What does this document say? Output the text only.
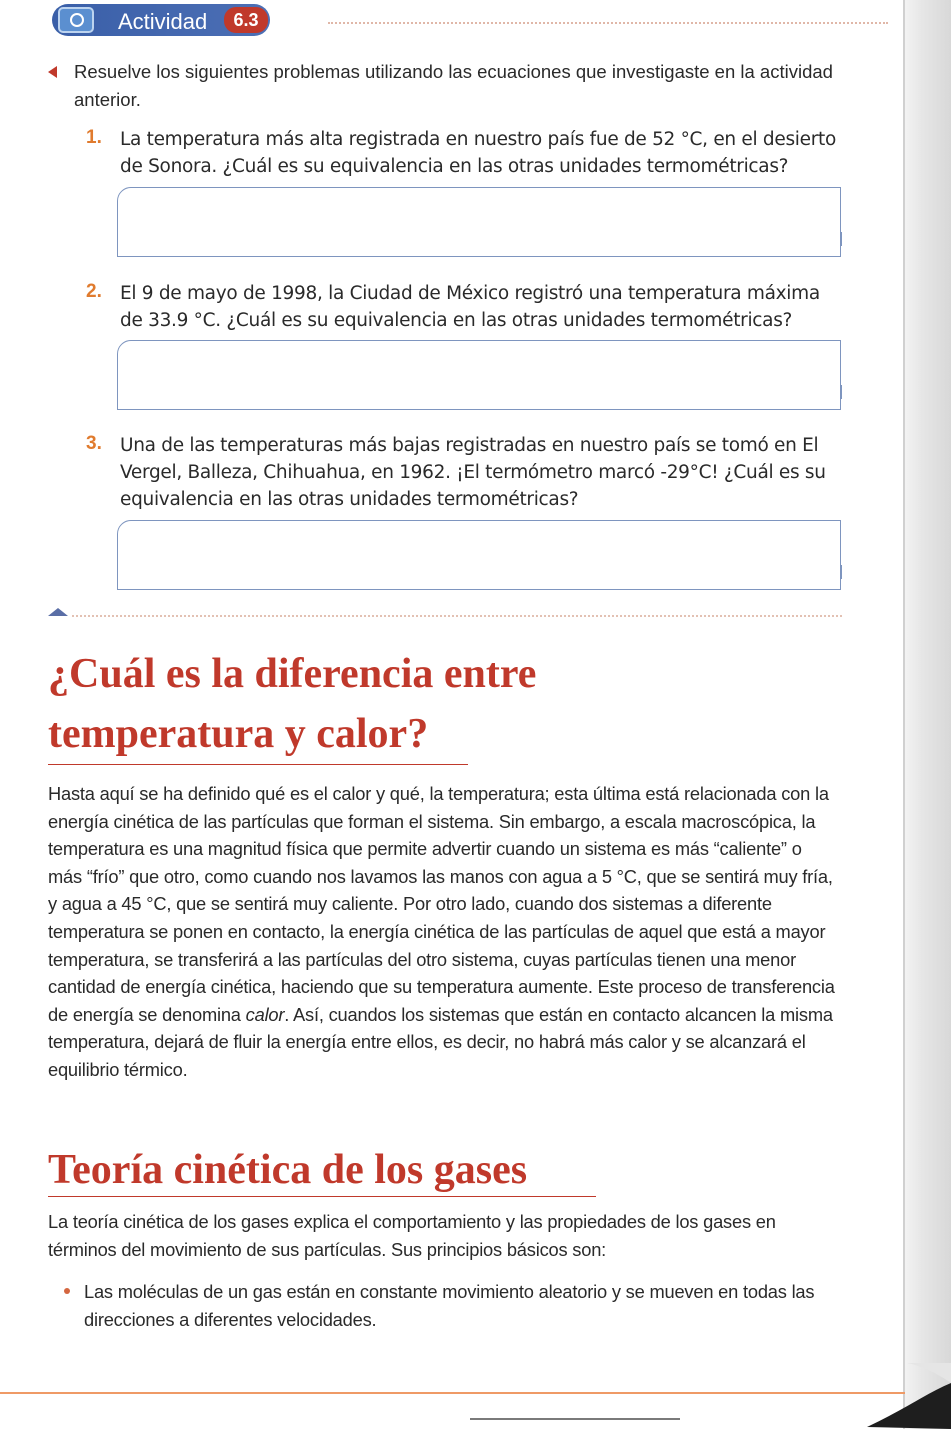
Actividad	6.3
Resuelve los siguientes problemas utilizando las ecuaciones que investigaste en la actividad anterior.
1. La temperatura más alta registrada en nuestro país fue de 52 °C, en el desierto de Sonora. ¿Cuál es su equivalencia en las otras unidades termométricas?
2. El 9 de mayo de 1998, la Ciudad de México registró una temperatura máxima de 33.9 °C. ¿Cuál es su equivalencia en las otras unidades termométricas?
3. Una de las temperaturas más bajas registradas en nuestro país se tomó en El Vergel, Balleza, Chihuahua, en 1962. ¡El termómetro marcó -29°C! ¿Cuál es su equivalencia en las otras unidades termométricas?
¿Cuál es la diferencia entre
temperatura y calor?
Hasta aquí se ha definido qué es el calor y qué, la temperatura; esta última está relacionada con la energía cinética de las partículas que forman el sistema. Sin embargo, a escala macroscópica, la temperatura es una magnitud física que permite advertir cuando un sistema es más “caliente” o más “frío” que otro, como cuando nos lavamos las manos con agua a 5 °C, que se sentirá muy fría, y agua a 45 °C, que se sentirá muy caliente. Por otro lado, cuando dos sistemas a diferente temperatura se ponen en contacto, la energía cinética de las partículas de aquel que está a mayor temperatura, se transferirá a las partículas del otro sistema, cuyas partículas tienen una menor cantidad de energía cinética, haciendo que su temperatura aumente. Este proceso de transferencia de energía se denomina calor. Así, cuandos los sistemas que están en contacto alcancen la misma temperatura, dejará de fluir la energía entre ellos, es decir, no habrá más calor y se alcanzará el equilibrio térmico.
Teoría cinética de los gases
La teoría cinética de los gases explica el comportamiento y las propiedades de los gases en términos del movimiento de sus partículas. Sus principios básicos son:
Las moléculas de un gas están en constante movimiento aleatorio y se mueven en todas las direcciones a diferentes velocidades.
